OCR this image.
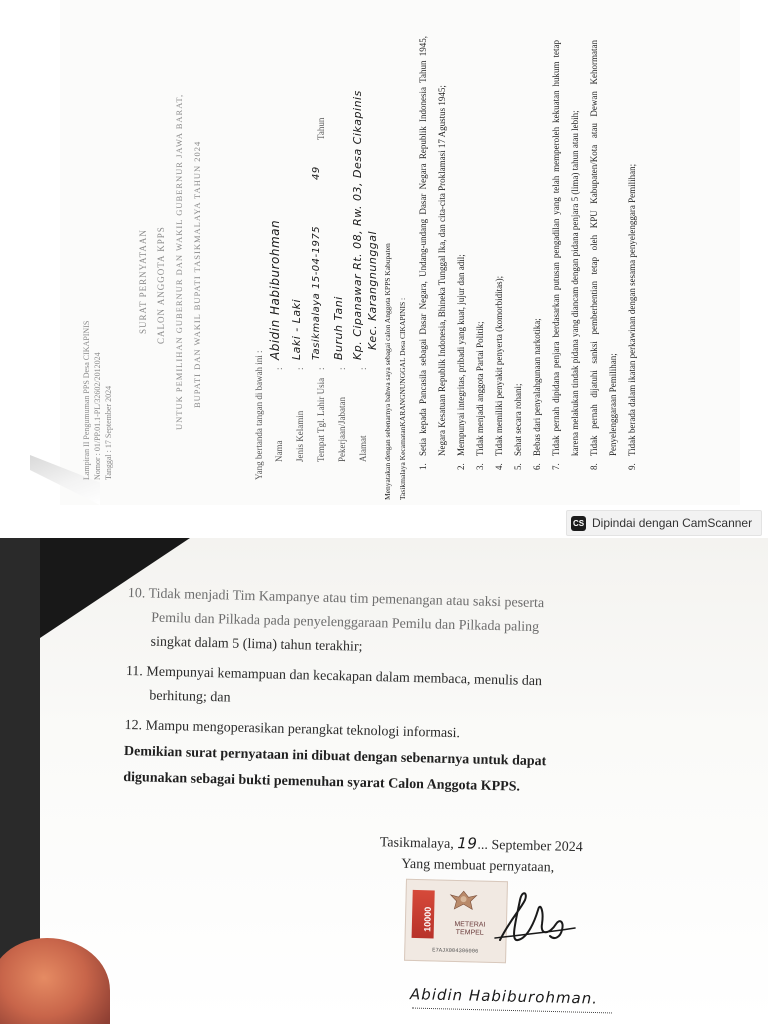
Lampiran II Pengumuman PPS Desa CIKAPINIS Nomor : 01/PP.01.1-PL/32602/2012024 Tanggal : 17 September 2024
SURAT PERNYATAAN CALON ANGGOTA KPPS UNTUK PEMILIHAN GUBERNUR DAN WAKIL GUBERNUR JAWA BARAT, BUPATI DAN WAKIL BUPATI TASIKMALAYA TAHUN 2024
Yang bertanda tangan di bawah ini : Nama
:
Abidin Habiburohman
Jenis Kelamin
:
Laki - Laki
Tempat Tgl. Lahir Usia
:
Tasikmalaya 15-04-1975
49
Tahun
Pekerjaan/Jabatan
:
Buruh Tani
Alamat
:
Kp. Cipanawar Rt. 08, Rw. 03, Desa Cikapinis Kec. Karangnunggal Menyatakan dengan sebenarnya bahwa saya sebagai calon Anggota KPPS Kabupaten Tasikmalaya KecamatanKARANGNUNGGAL Desa CIKAPINIS :	1.
Setia kepada Pancasila sebagai Dasar Negara, Undang-undang Dasar Negara Republik Indonesia Tahun 1945, Negara Kesatuan Republik Indonesia, Bhineka Tunggal Ika, dan cita-cita Proklamasi 17 Agustus 1945;
2.
Mempunyai integritas, pribadi yang kuat, jujur dan adil;
3.
Tidak menjadi anggota Partai Politik;
4.
Tidak memiliki penyakit penyerta (komorbiditas);
5.
Sehat secara rohani;
6.
Bebas dari penyalahgunaan narkotika;
7.
Tidak pernah dipidana penjara berdasarkan putusan pengadilan yang telah memperoleh kekuatan hukum tetap karena melakukan tindak pidana yang diancam dengan pidana penjara 5 (lima) tahun atau lebih;
8.
Tidak pernah dijatuhi sanksi pemberhentian tetap oleh KPU Kabupaten/Kota atau Dewan Kehormatan Penyelenggaraan Pemilihan;
9.
Tidak berada dalam ikatan perkawinan dengan sesama penyelenggara Pemilihan;
CS Dipindai dengan CamScanner
10. Tidak menjadi Tim Kampanye atau tim pemenangan atau saksi peserta
Pemilu dan Pilkada pada penyelenggaraan Pemilu dan Pilkada paling
singkat dalam 5 (lima) tahun terakhir;
11. Mempunyai kemampuan dan kecakapan dalam membaca, menulis dan
berhitung; dan
12. Mampu mengoperasikan perangkat teknologi informasi.
Demikian surat pernyataan ini dibuat dengan sebenarnya untuk dapat
digunakan sebagai bukti pemenuhan syarat Calon Anggota KPPS.
Tasikmalaya, 19... September 2024
Yang membuat pernyataan,
10000	METERAI
TEMPEL
E7AJX004306006
Abidin Habiburohman.
